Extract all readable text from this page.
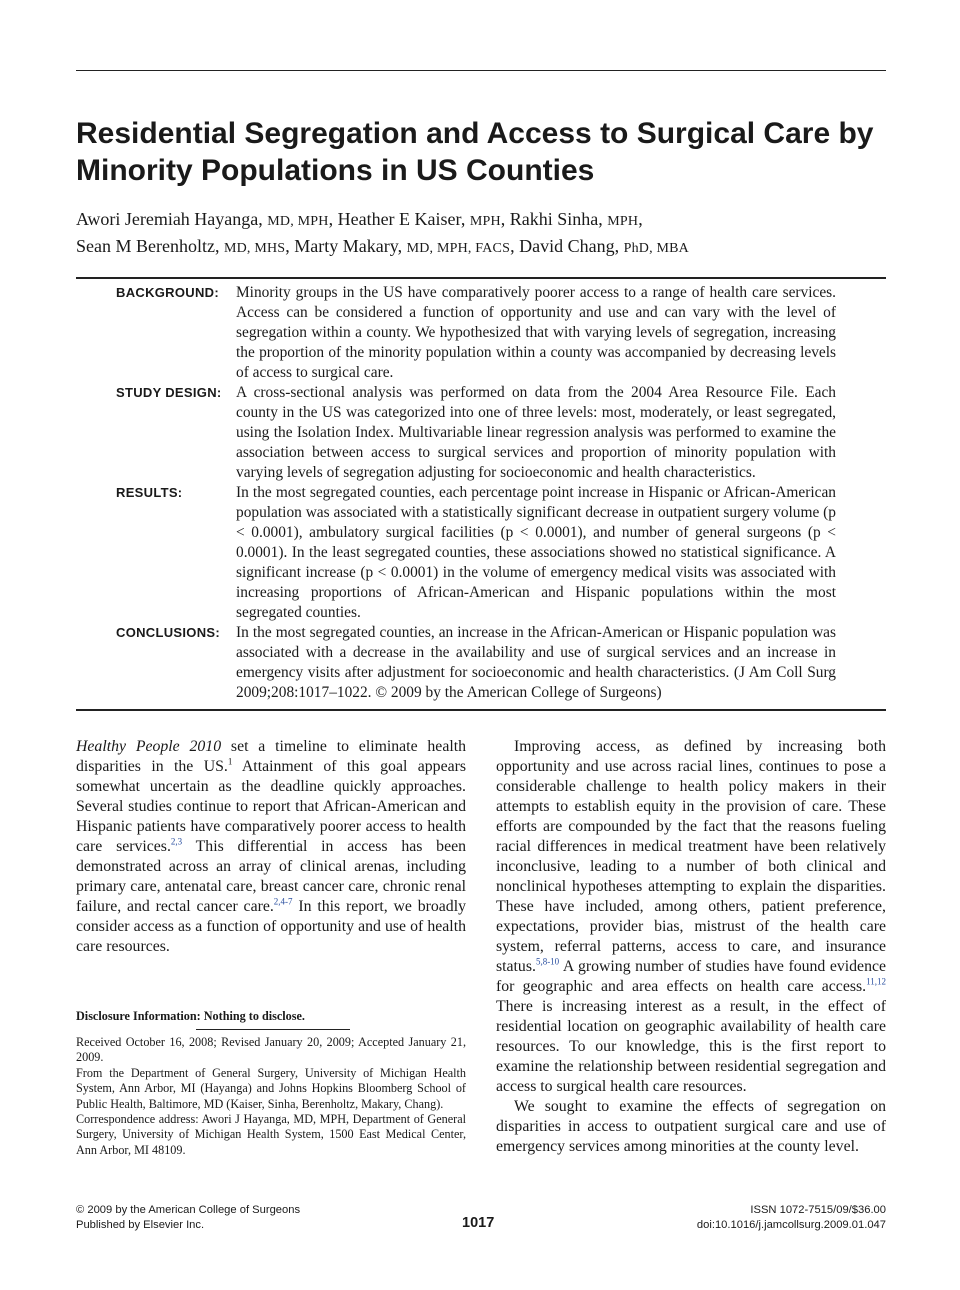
Residential Segregation and Access to Surgical Care by Minority Populations in US Counties
Awori Jeremiah Hayanga, MD, MPH, Heather E Kaiser, MPH, Rakhi Sinha, MPH,
Sean M Berenholtz, MD, MHS, Marty Makary, MD, MPH, FACS, David Chang, PhD, MBA
BACKGROUND: Minority groups in the US have comparatively poorer access to a range of health care services. Access can be considered a function of opportunity and use and can vary with the level of segregation within a county. We hypothesized that with varying levels of segregation, increasing the proportion of the minority population within a county was accompanied by decreasing levels of access to surgical care.
STUDY DESIGN: A cross-sectional analysis was performed on data from the 2004 Area Resource File. Each county in the US was categorized into one of three levels: most, moderately, or least segregated, using the Isolation Index. Multivariable linear regression analysis was performed to examine the association between access to surgical services and proportion of minority population with varying levels of segregation adjusting for socioeconomic and health characteristics.
RESULTS:	In the most segregated counties, each percentage point increase in Hispanic or African-American population was associated with a statistically significant decrease in outpatient surgery volume (p < 0.0001), ambulatory surgical facilities (p < 0.0001), and number of general surgeons (p < 0.0001). In the least segregated counties, these associations showed no statistical significance. A significant increase (p < 0.0001) in the volume of emergency medical visits was associated with increasing proportions of African-American and Hispanic populations within the most segregated counties.
CONCLUSIONS: In the most segregated counties, an increase in the African-American or Hispanic population was associated with a decrease in the availability and use of surgical services and an increase in emergency visits after adjustment for socioeconomic and health characteristics. (J Am Coll Surg 2009;208:1017–1022. © 2009 by the American College of Surgeons)

Healthy People 2010 set a timeline to eliminate health disparities in the US.$^1$ Attainment of this goal appears somewhat uncertain as the deadline quickly approaches. Several studies continue to report that African-American and Hispanic patients have comparatively poorer access to health care services.$^{2,3}$ This differential in access has been demonstrated across an array of clinical arenas, including primary care, antenatal care, breast cancer care, chronic renal failure, and rectal cancer care.$^{2,4-7}$ In this report, we broadly consider access as a function of opportunity and use of health care resources.

Improving access, as defined by increasing both opportunity and use across racial lines, continues to pose a considerable challenge to health policy makers in their attempts to establish equity in the provision of care. These efforts are compounded by the fact that the reasons fueling racial differences in medical treatment have been relatively inconclusive, leading to a number of both clinical and nonclinical hypotheses attempting to explain the disparities. These have included, among others, patient preference, expectations, provider bias, mistrust of the health care system, referral patterns, access to care, and insurance status.$^{5,8-10}$ A growing number of studies have found evidence for geographic and area effects on health care access.$^{11,12}$ There is increasing interest as a result, in the effect of residential location on geographic availability of health care resources. To our knowledge, this is the first report to examine the relationship between residential segregation and access to surgical health care resources.

We sought to examine the effects of segregation on disparities in access to outpatient surgical care and use of emergency services among minorities at the county level.

Disclosure Information: Nothing to disclose.

Received October 16, 2008; Revised January 20, 2009; Accepted January 21, 2009.

From the Department of General Surgery, University of Michigan Health System, Ann Arbor, MI (Hayanga) and Johns Hopkins Bloomberg School of Public Health, Baltimore, MD (Kaiser, Sinha, Berenholtz, Makary, Chang).

Correspondence address: Awori J Hayanga, MD, MPH, Department of General Surgery, University of Michigan Health System, 1500 East Medical Center, Ann Arbor, MI 48109.

© 2009 by the American College of Surgeons
Published by Elsevier Inc.	1017
ISSN 1072-7515/09/$36.00
doi:10.1016/j.jamcollsurg.2009.01.047
